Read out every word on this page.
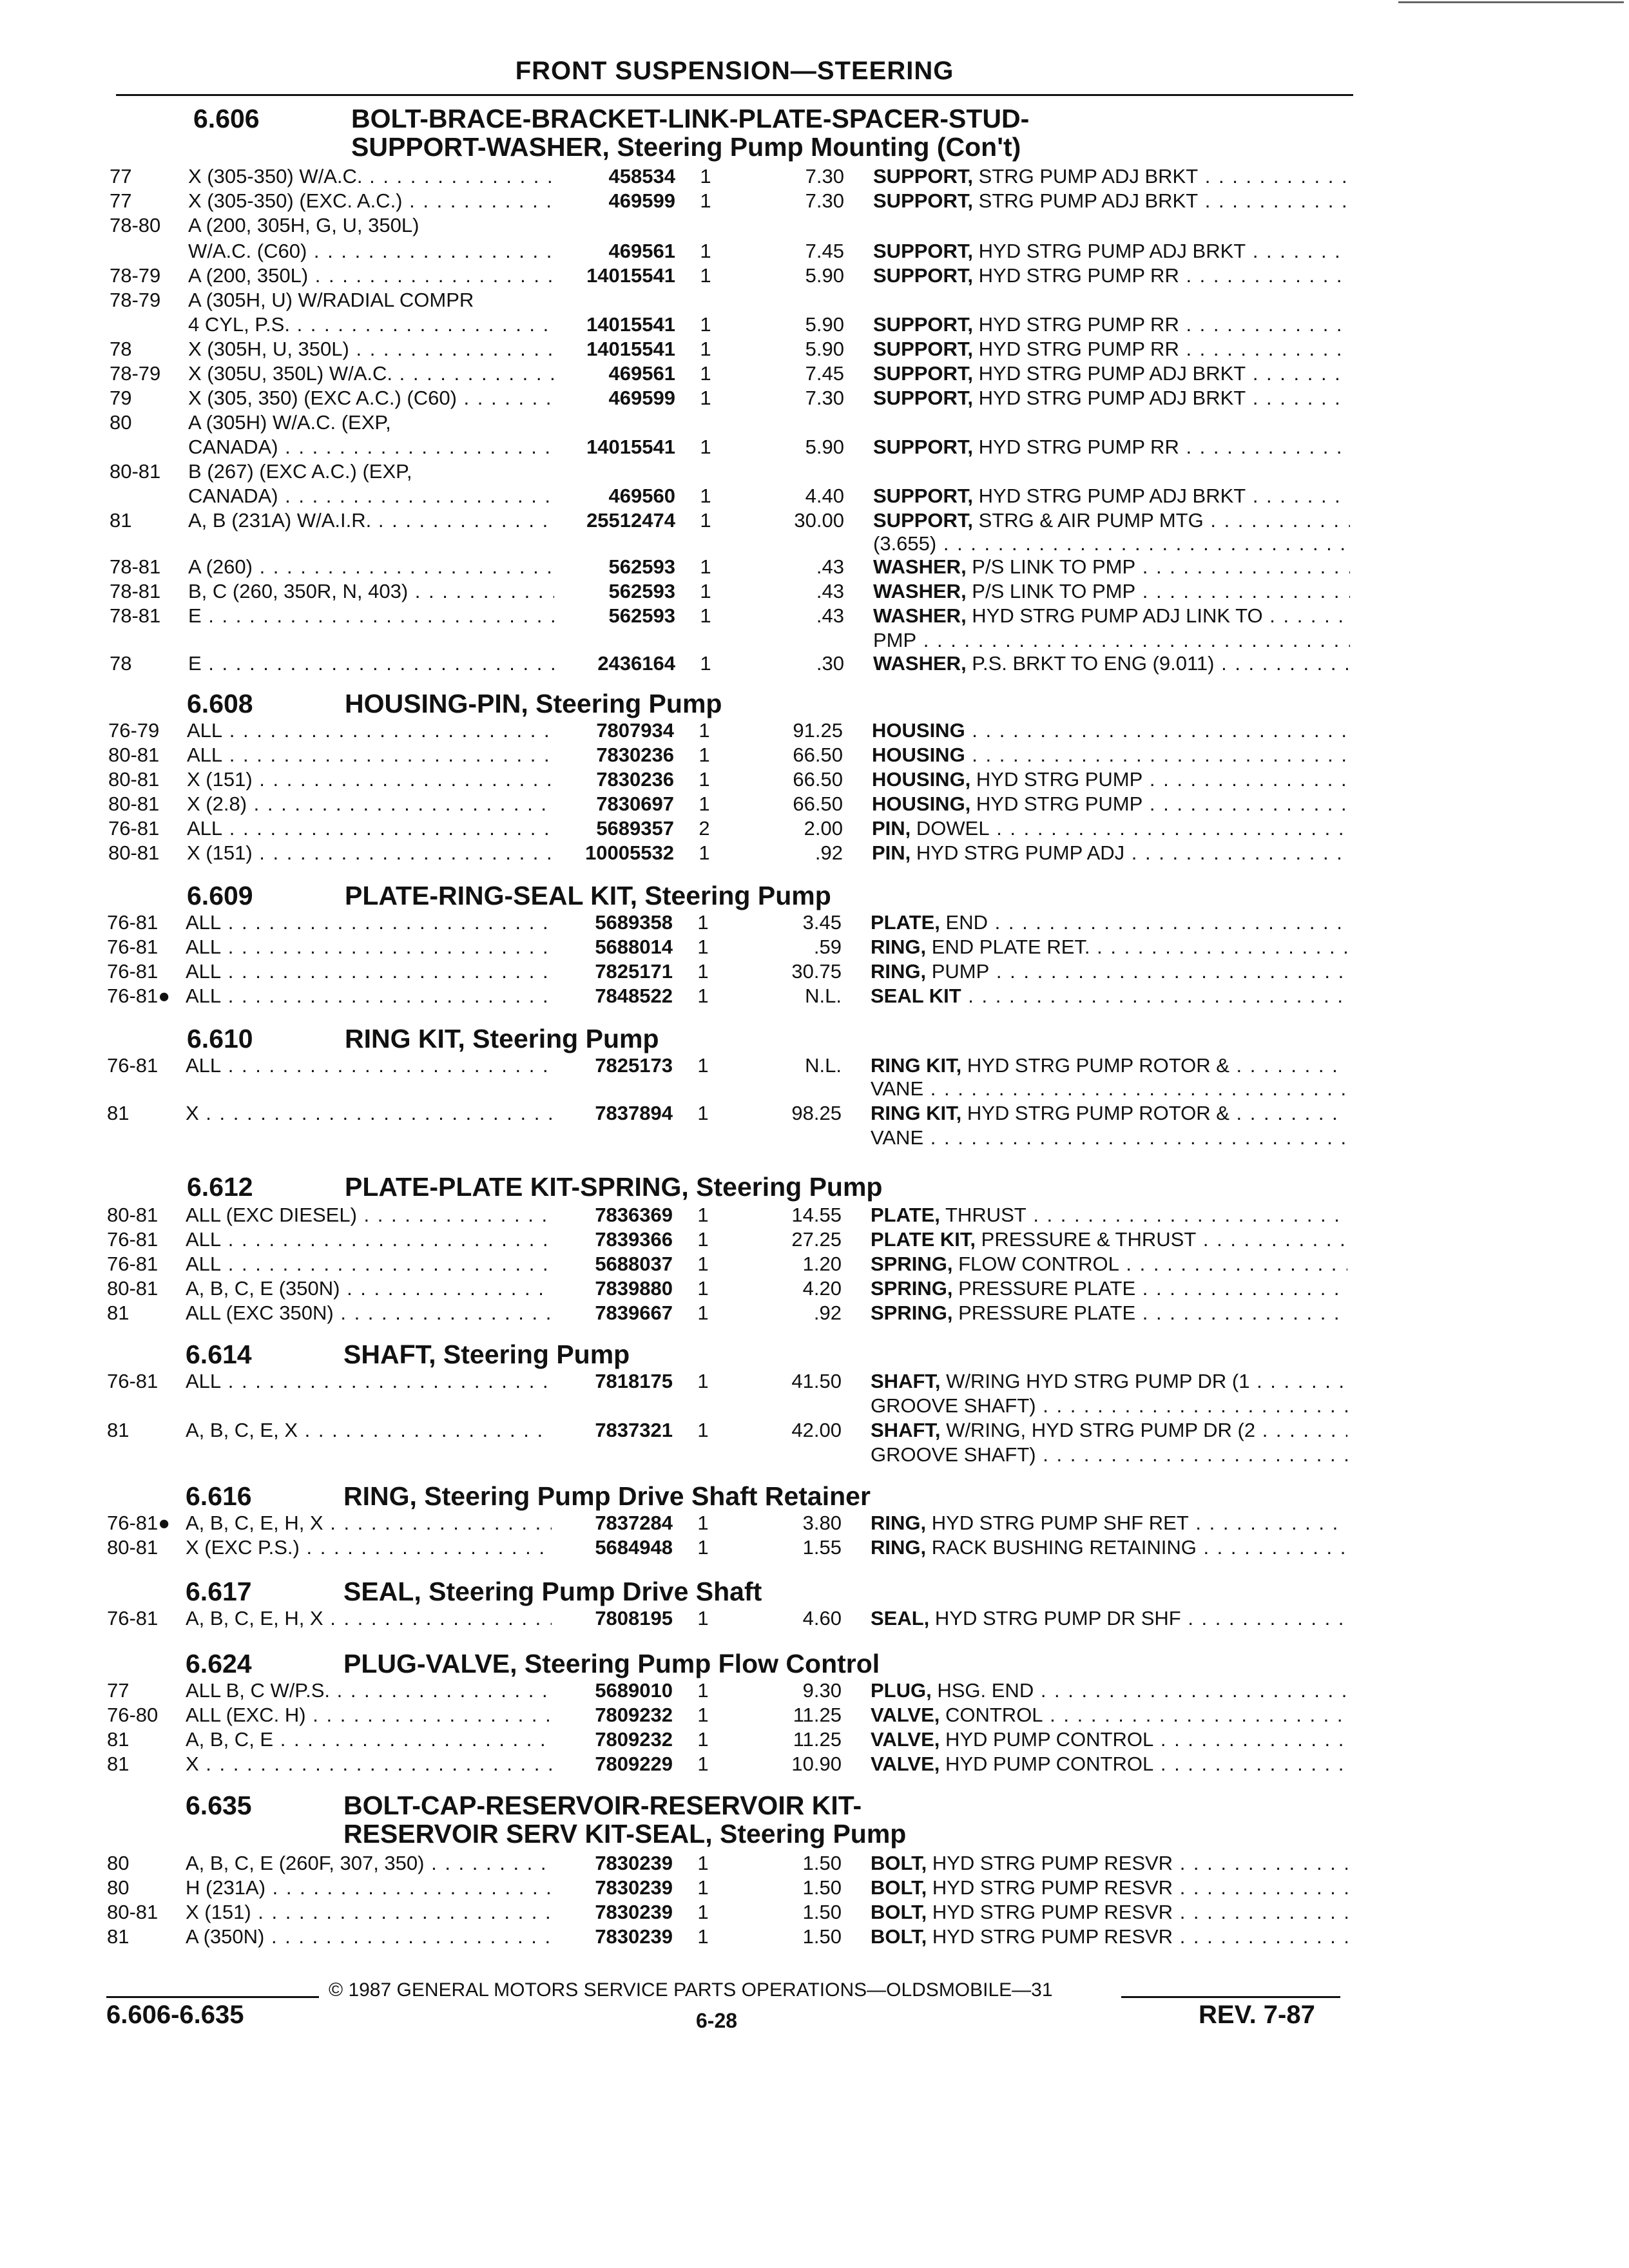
FRONT SUSPENSION—STEERING
6.606	BOLT-BRACE-BRACKET-LINK-PLATE-SPACER-STUD-
SUPPORT-WASHER, Steering Pump Mounting (Con't)
6.608	HOUSING-PIN, Steering Pump
6.609	PLATE-RING-SEAL KIT, Steering Pump
6.610	RING KIT, Steering Pump
6.612	PLATE-PLATE KIT-SPRING, Steering Pump
6.614	SHAFT, Steering Pump
6.616	RING, Steering Pump Drive Shaft Retainer
6.617	SEAL, Steering Pump Drive Shaft
6.624	PLUG-VALVE, Steering Pump Flow Control
6.635	BOLT-CAP-RESERVOIR-RESERVOIR KIT-
RESERVOIR SERV KIT-SEAL, Steering Pump
77	X (305-350) W/A.C. . . .	458534 1	7.30 SUPPORT, STRG PUMP ADJ BRKT . . .
77	X (305-350) (EXC. A.C.) . . .	469599 1	7.30 SUPPORT, STRG PUMP ADJ BRKT . . .
78-80	A (200, 305H, G, U, 350L)
W/A.C. (C60) . . .	469561 1	7.45 SUPPORT, HYD STRG PUMP ADJ BRKT . . .
78-79	A (200, 350L) . . .	14015541 1	5.90 SUPPORT, HYD STRG PUMP RR . . .
78-79	A (305H, U) W/RADIAL COMPR
4 CYL, P.S. . . .	14015541 1	5.90 SUPPORT, HYD STRG PUMP RR . . .
78	X (305H, U, 350L) . . .	14015541 1	5.90 SUPPORT, HYD STRG PUMP RR . . .
78-79	X (305U, 350L) W/A.C. . . .	469561 1	7.45 SUPPORT, HYD STRG PUMP ADJ BRKT . . .
79	X (305, 350) (EXC A.C.) (C60) . . .	469599 1	7.30 SUPPORT, HYD STRG PUMP ADJ BRKT . . .
80	A (305H) W/A.C. (EXP,
CANADA) . . .	14015541 1	5.90 SUPPORT, HYD STRG PUMP RR . . .
80-81	B (267) (EXC A.C.) (EXP,
CANADA) . . .	469560 1	4.40 SUPPORT, HYD STRG PUMP ADJ BRKT . . .
81	A, B (231A) W/A.I.R. . . .	25512474 1	30.00 SUPPORT, STRG & AIR PUMP MTG . . .
(3.655) . . .
78-81	A (260) . . .	562593 1	.43 WASHER, P/S LINK TO PMP . . .
78-81	B, C (260, 350R, N, 403) . . .	562593 1	.43 WASHER, P/S LINK TO PMP . . .
78-81	E . . .	562593 1	.43 WASHER, HYD STRG PUMP ADJ LINK TO . . .
PMP . . .
78	E . . .	2436164 1	.30 WASHER, P.S. BRKT TO ENG (9.011) . . .
76-79	ALL . . .	7807934 1	91.25 HOUSING . . .
80-81	ALL . . .	7830236 1	66.50 HOUSING . . .
80-81	X (151) . . .	7830236 1	66.50 HOUSING, HYD STRG PUMP . . .
80-81	X (2.8) . . .	7830697 1	66.50 HOUSING, HYD STRG PUMP . . .
76-81	ALL . . .	5689357 2	2.00 PIN, DOWEL . . .
80-81	X (151) . . .	10005532 1	.92 PIN, HYD STRG PUMP ADJ . . .
76-81	ALL . . .	5689358 1	3.45 PLATE, END . . .
76-81	ALL . . .	5688014 1	.59 RING, END PLATE RET. . . .
76-81	ALL . . .	7825171 1	30.75 RING, PUMP . . .
76-81● ALL . . .	7848522 1	N.L. SEAL KIT . . .
76-81	ALL . . .	7825173 1	N.L. RING KIT, HYD STRG PUMP ROTOR & . . .
VANE . . .
81	X . . .	7837894 1	98.25 RING KIT, HYD STRG PUMP ROTOR & . . .
VANE . . .
80-81	ALL (EXC DIESEL) . . .	7836369 1	14.55 PLATE, THRUST . . .
76-81	ALL . . .	7839366 1	27.25 PLATE KIT, PRESSURE & THRUST . . .
76-81	ALL . . .	5688037 1	1.20 SPRING, FLOW CONTROL . . .
80-81	A, B, C, E (350N) . . .	7839880 1	4.20 SPRING, PRESSURE PLATE . . .
81	ALL (EXC 350N) . . .	7839667 1	.92 SPRING, PRESSURE PLATE . . .
76-81	ALL . . .	7818175 1	41.50 SHAFT, W/RING HYD STRG PUMP DR (1 . . .
GROOVE SHAFT) . . .
81	A, B, C, E, X . . .	7837321 1	42.00 SHAFT, W/RING, HYD STRG PUMP DR (2 . . .
GROOVE SHAFT) . . .
76-81● A, B, C, E, H, X . . .	7837284 1	3.80 RING, HYD STRG PUMP SHF RET . . .
80-81	X (EXC P.S.) . . .	5684948 1	1.55 RING, RACK BUSHING RETAINING . . .
76-81	A, B, C, E, H, X . . .	7808195 1	4.60 SEAL, HYD STRG PUMP DR SHF . . .
77	ALL B, C W/P.S. . . .	5689010 1	9.30 PLUG, HSG. END . . .
76-80	ALL (EXC. H) . . .	7809232 1	11.25 VALVE, CONTROL . . .
81	A, B, C, E . . .	7809232 1	11.25 VALVE, HYD PUMP CONTROL . . .
81	X . . .	7809229 1	10.90 VALVE, HYD PUMP CONTROL . . .
80	A, B, C, E (260F, 307, 350) . . .	7830239 1	1.50 BOLT, HYD STRG PUMP RESVR . . .
80	H (231A) . . .	7830239 1	1.50 BOLT, HYD STRG PUMP RESVR . . .
80-81	X (151) . . .	7830239 1	1.50 BOLT, HYD STRG PUMP RESVR . . .
81	A (350N) . . .	7830239 1	1.50 BOLT, HYD STRG PUMP RESVR . . .
© 1987 GENERAL MOTORS SERVICE PARTS OPERATIONS—OLDSMOBILE—31
6.606-6.635	6-28	REV. 7-87
